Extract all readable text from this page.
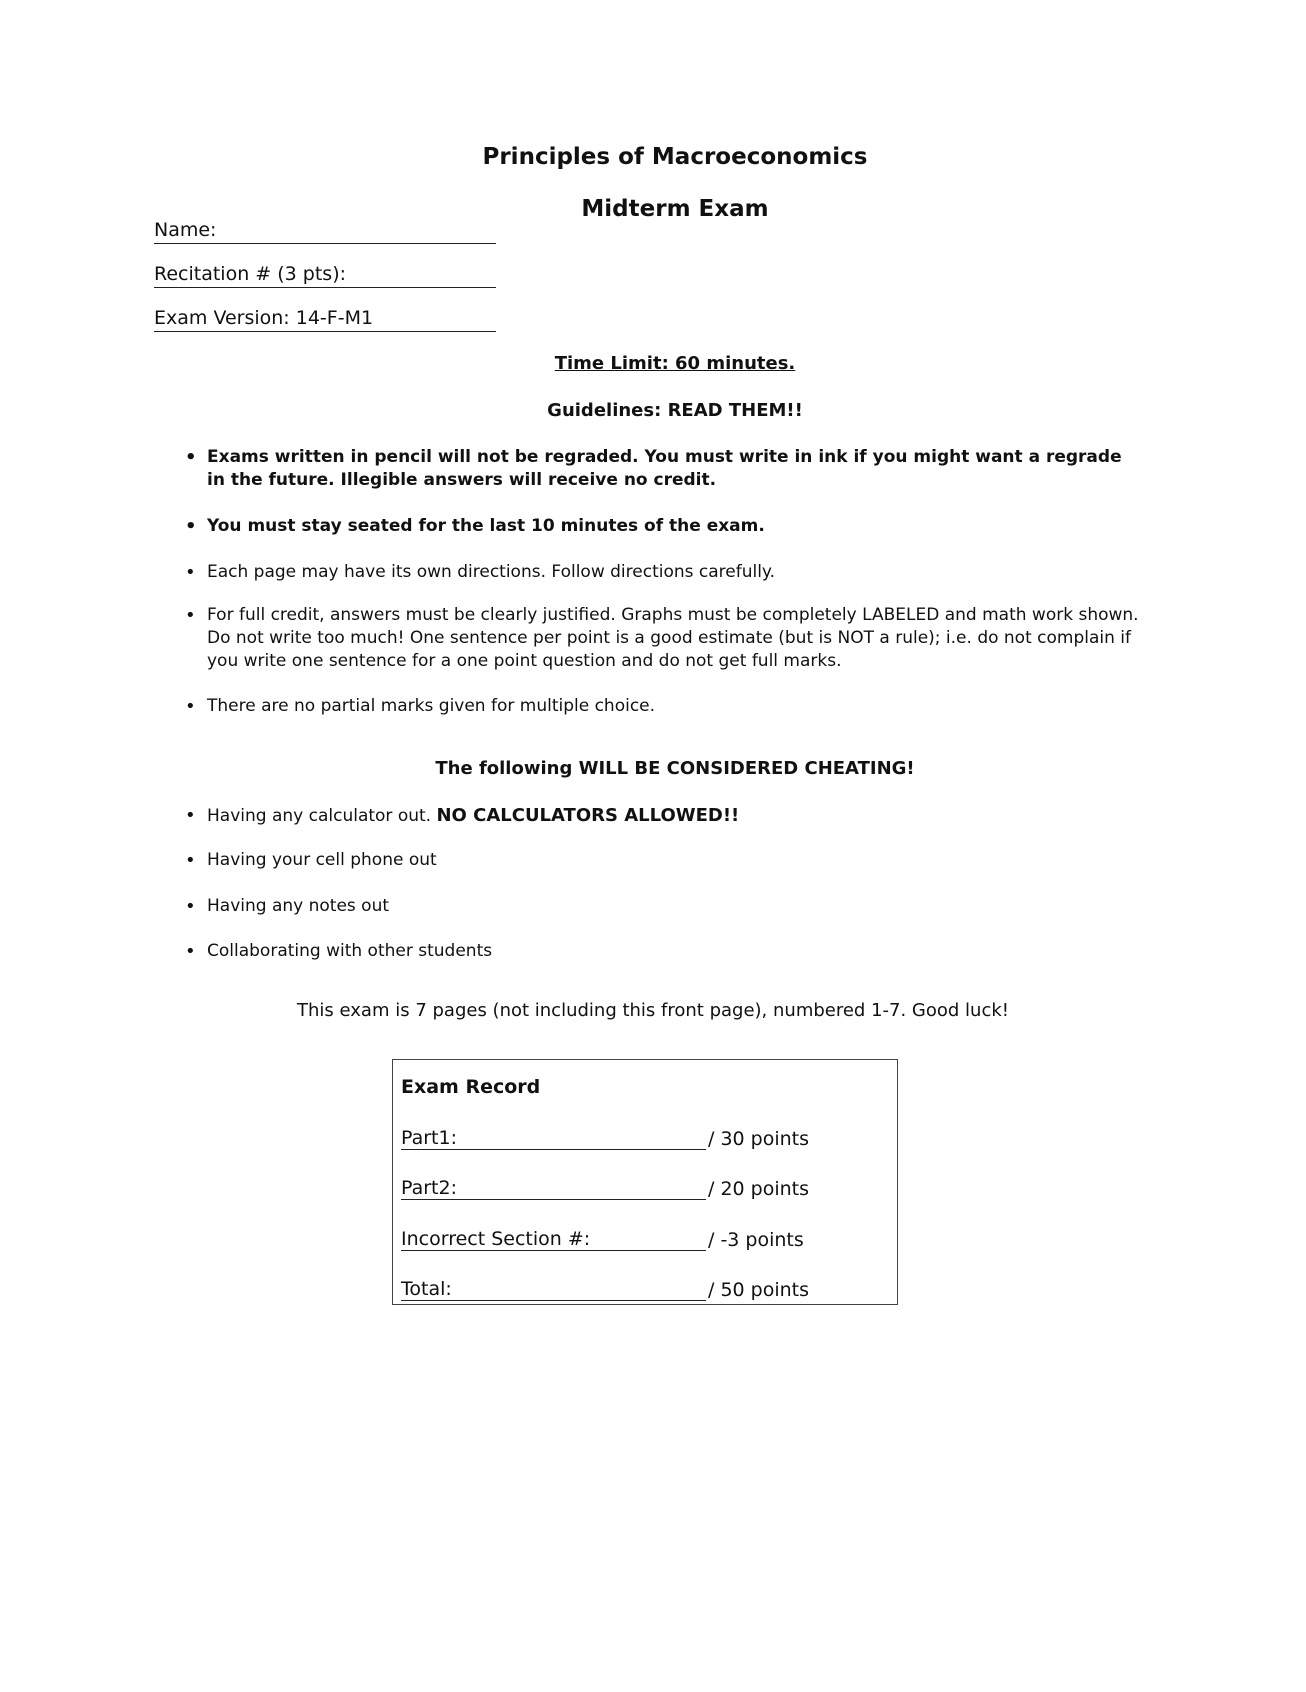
Principles of Macroeconomics
Midterm Exam
Name:
Recitation # (3 pts):
Exam Version: 14-F-M1
Time Limit: 60 minutes.
Guidelines: READ THEM!!
• Exams written in pencil will not be regraded. You must write in ink if you might want a regrade in the future. Illegible answers will receive no credit.
• You must stay seated for the last 10 minutes of the exam.
• Each page may have its own directions. Follow directions carefully.
• For full credit, answers must be clearly justified. Graphs must be completely LABELED and math work shown. Do not write too much! One sentence per point is a good estimate (but is NOT a rule); i.e. do not complain if you write one sentence for a one point question and do not get full marks.
• There are no partial marks given for multiple choice.
The following WILL BE CONSIDERED CHEATING!
• Having any calculator out. NO CALCULATORS ALLOWED!!
• Having your cell phone out
• Having any notes out
• Collaborating with other students
This exam is 7 pages (not including this front page), numbered 1-7. Good luck!
Exam Record
Part1:	/ 30 points
Part2:	/ 20 points
Incorrect Section #:	/ -3 points
Total:	/ 50 points
